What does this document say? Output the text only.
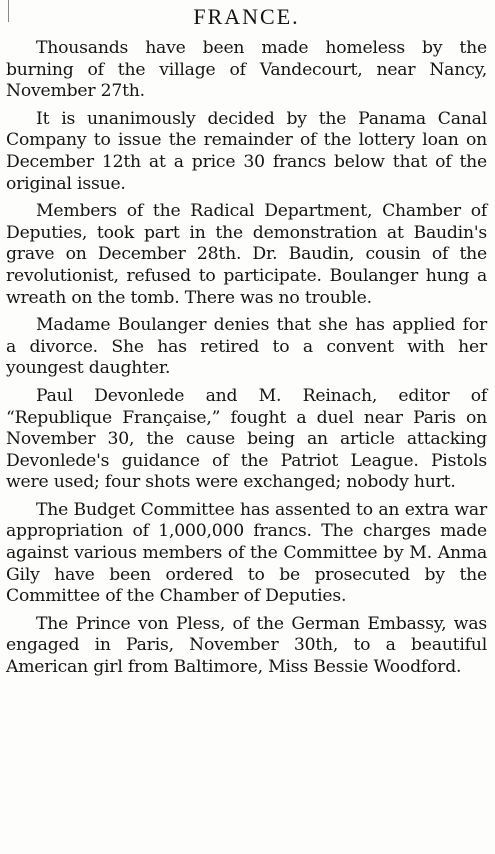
FRANCE.

Thousands have been made homeless by the burning of the village of Vandecourt, near Nancy, November 27th.

It is unanimously decided by the Panama Canal Company to issue the remainder of the lottery loan on December 12th at a price 30 francs below that of the original issue.

Members of the Radical Department, Chamber of Deputies, took part in the demonstration at Baudin's grave on December 28th. Dr. Baudin, cousin of the revolutionist, refused to participate. Boulanger hung a wreath on the tomb. There was no trouble.

Madame Boulanger denies that she has applied for a divorce. She has retired to a convent with her youngest daughter.

Paul Devonlede and M. Reinach, editor of “Republique Française,” fought a duel near Paris on November 30, the cause being an article attacking Devonlede's guidance of the Patriot League. Pistols were used; four shots were exchanged; nobody hurt.

The Budget Committee has assented to an extra war appropriation of 1,000,000 francs. The charges made against various members of the Committee by M. Anma Gily have been ordered to be prosecuted by the Committee of the Chamber of Deputies.

The Prince von Pless, of the German Embassy, was engaged in Paris, November 30th, to a beautiful American girl from Baltimore, Miss Bessie Woodford.
